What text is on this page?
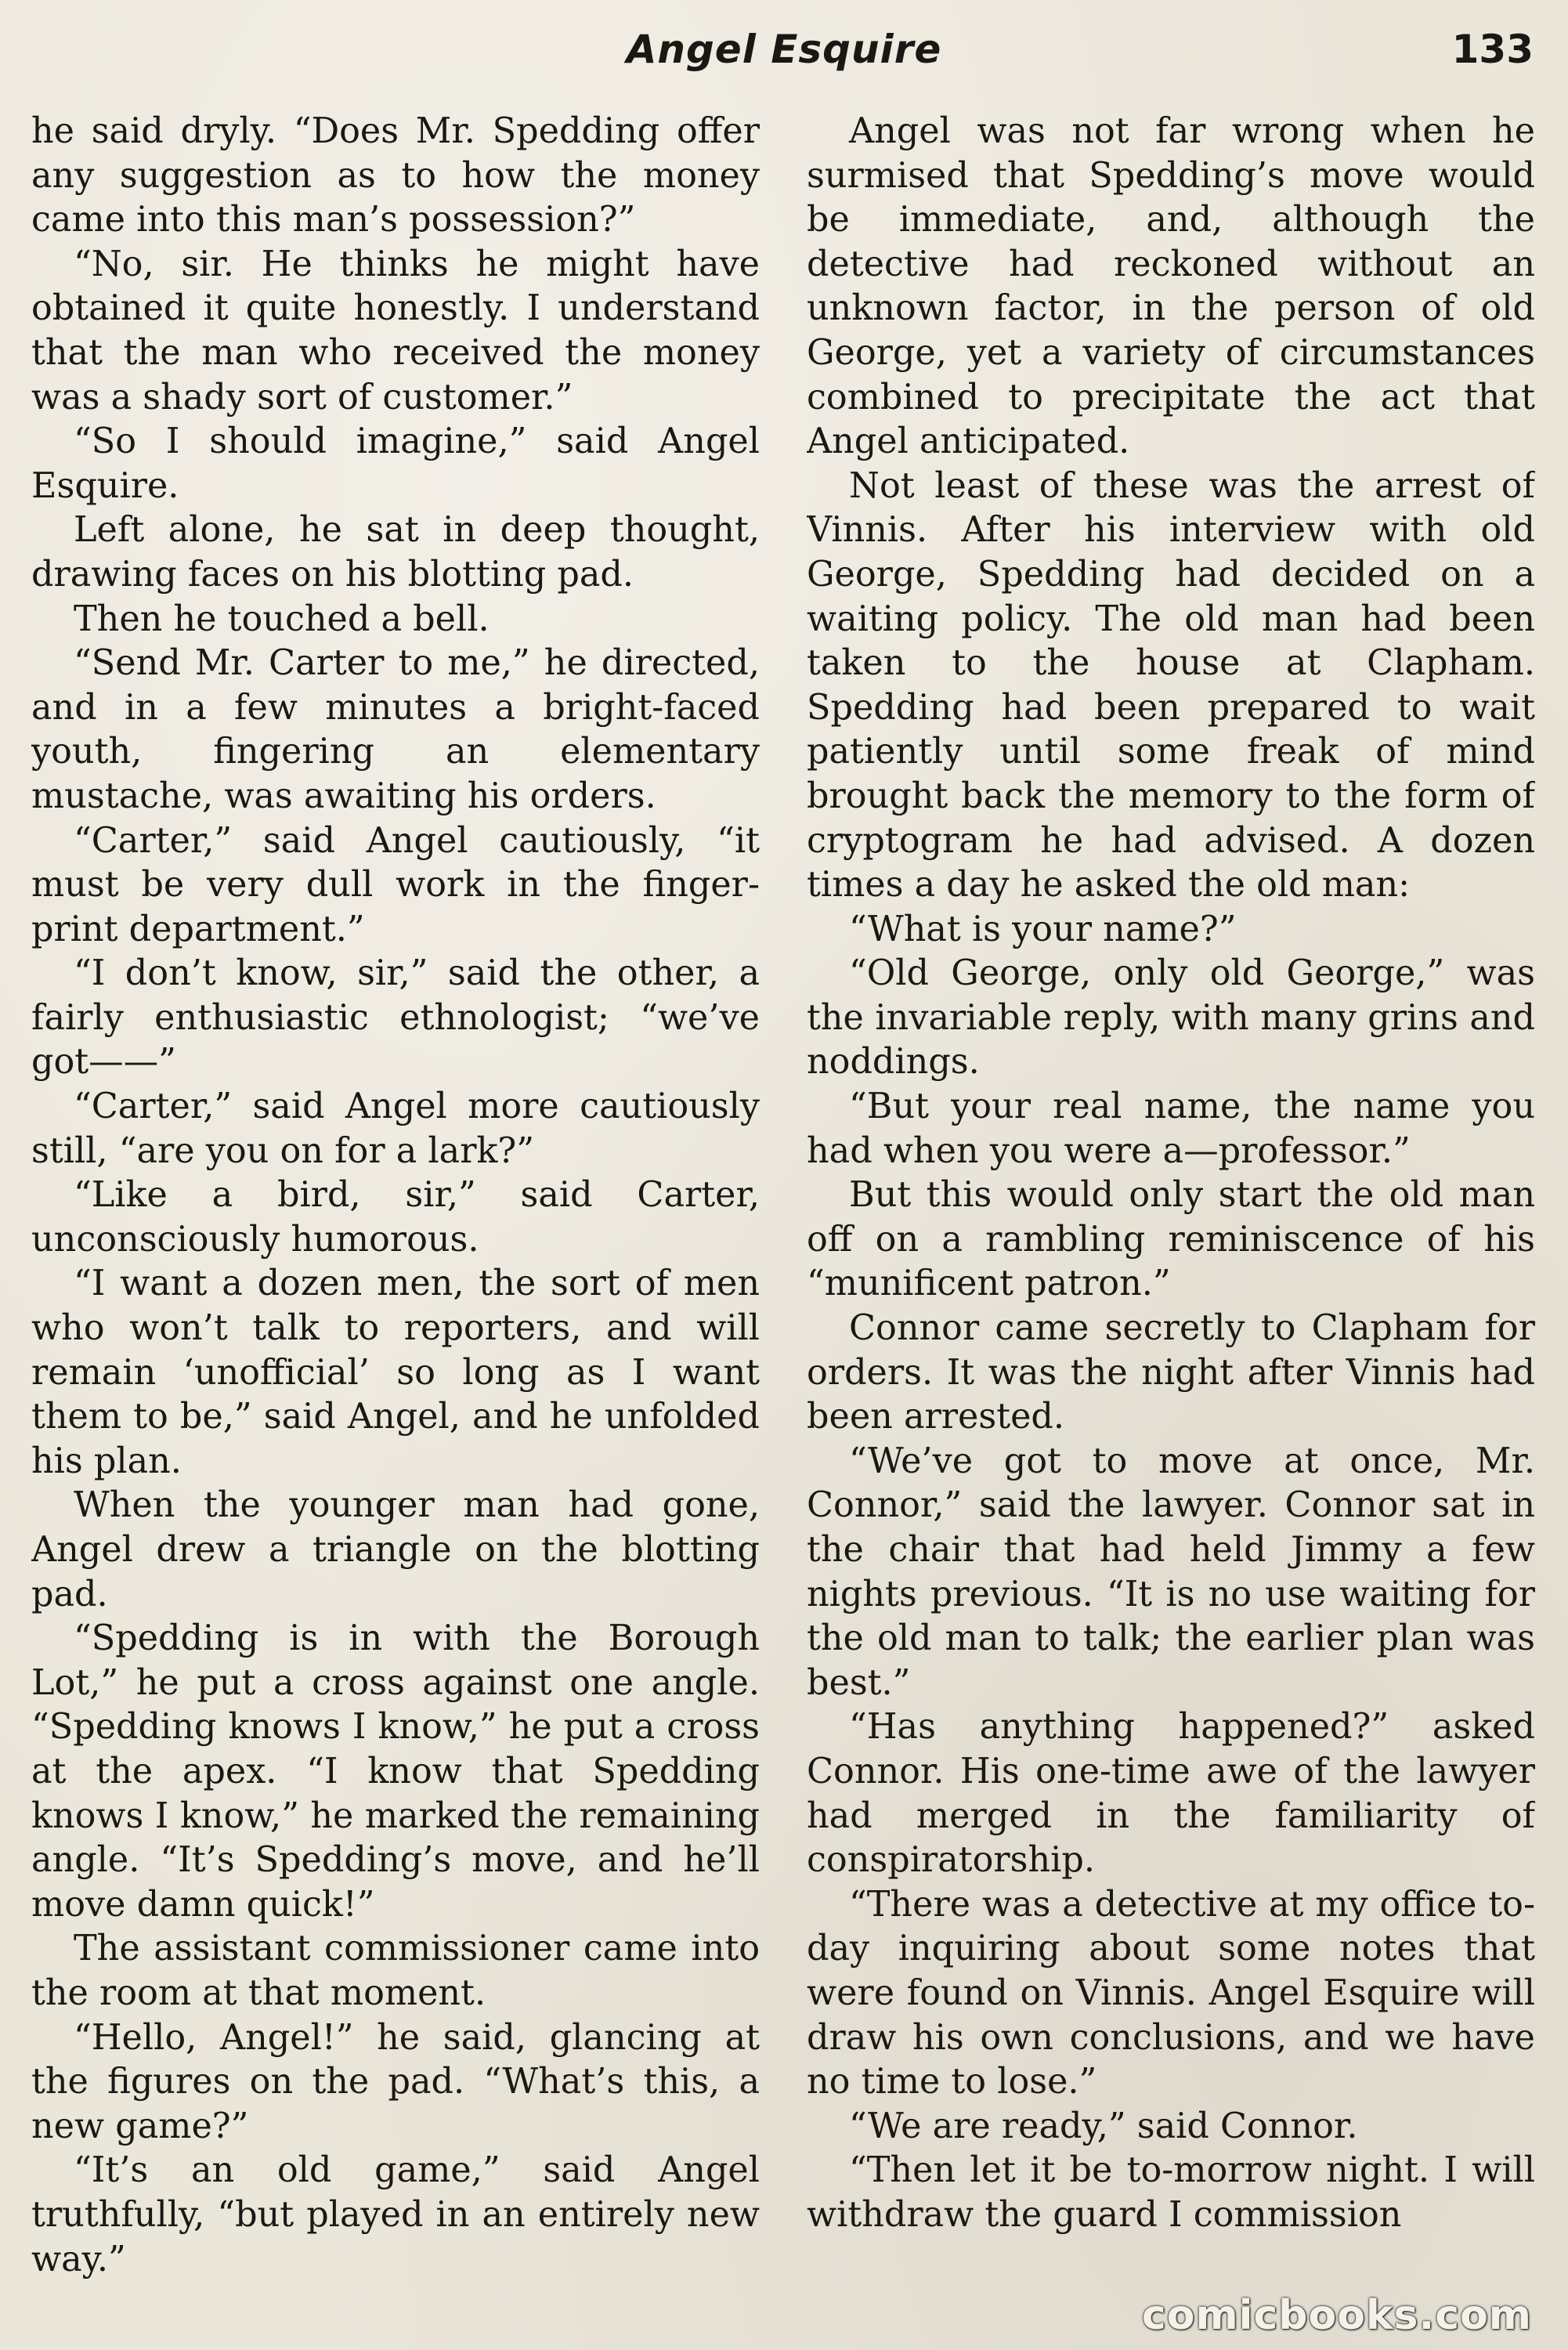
Angel Esquire	133

he said dryly. “Does Mr. Spedding offer any suggestion as to how the money came into this man’s possession?”

“No, sir. He thinks he might have obtained it quite honestly. I understand that the man who received the money was a shady sort of customer.”

“So I should imagine,” said Angel Esquire.

Left alone, he sat in deep thought, drawing faces on his blotting pad.

Then he touched a bell.

“Send Mr. Carter to me,” he directed, and in a few minutes a bright-faced youth, fingering an elementary mustache, was awaiting his orders.

“Carter,” said Angel cautiously, “it must be very dull work in the finger-print department.”

“I don’t know, sir,” said the other, a fairly enthusiastic ethnologist; “we’ve got——”

“Carter,” said Angel more cautiously still, “are you on for a lark?”

“Like a bird, sir,” said Carter, unconsciously humorous.

“I want a dozen men, the sort of men who won’t talk to reporters, and will remain ‘unofficial’ so long as I want them to be,” said Angel, and he unfolded his plan.

When the younger man had gone, Angel drew a triangle on the blotting pad.

“Spedding is in with the Borough Lot,” he put a cross against one angle. “Spedding knows I know,” he put a cross at the apex. “I know that Spedding knows I know,” he marked the remaining angle. “It’s Spedding’s move, and he’ll move damn quick!”

The assistant commissioner came into the room at that moment.

“Hello, Angel!” he said, glancing at the figures on the pad. “What’s this, a new game?”

“It’s an old game,” said Angel truthfully, “but played in an entirely new way.”

Angel was not far wrong when he surmised that Spedding’s move would be immediate, and, although the detective had reckoned without an unknown factor, in the person of old George, yet a variety of circumstances combined to precipitate the act that Angel anticipated.

Not least of these was the arrest of Vinnis. After his interview with old George, Spedding had decided on a waiting policy. The old man had been taken to the house at Clapham. Spedding had been prepared to wait patiently until some freak of mind brought back the memory to the form of cryptogram he had advised. A dozen times a day he asked the old man:

“What is your name?”

“Old George, only old George,” was the invariable reply, with many grins and noddings.

“But your real name, the name you had when you were a—professor.”

But this would only start the old man off on a rambling reminiscence of his “munificent patron.”

Connor came secretly to Clapham for orders. It was the night after Vinnis had been arrested.

“We’ve got to move at once, Mr. Connor,” said the lawyer. Connor sat in the chair that had held Jimmy a few nights previous. “It is no use waiting for the old man to talk; the earlier plan was best.”

“Has anything happened?” asked Connor. His one-time awe of the lawyer had merged in the familiarity of conspiratorship.

“There was a detective at my office to-day inquiring about some notes that were found on Vinnis. Angel Esquire will draw his own conclusions, and we have no time to lose.”

“We are ready,” said Connor.

“Then let it be to-morrow night. I will withdraw the guard I commission

comicbooks.com
